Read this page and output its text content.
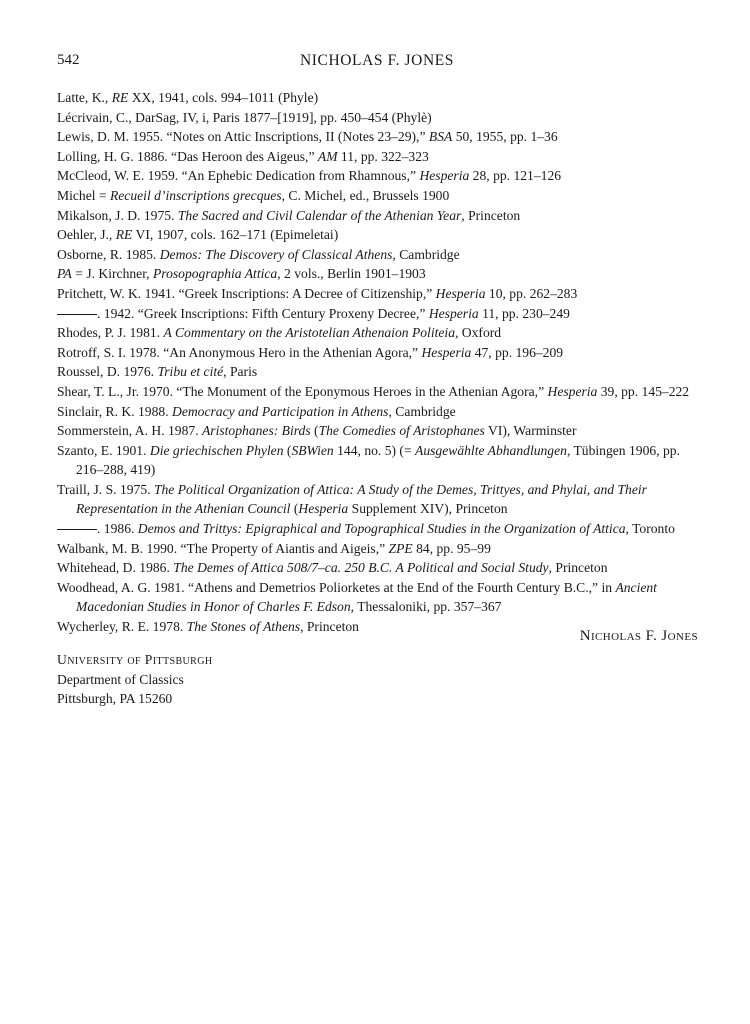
542	NICHOLAS F. JONES
Latte, K., RE XX, 1941, cols. 994–1011 (Phyle)
Lécrivain, C., DarSag, IV, i, Paris 1877–[1919], pp. 450–454 (Phylè)
Lewis, D. M. 1955. “Notes on Attic Inscriptions, II (Notes 23–29),” BSA 50, 1955, pp. 1–36
Lolling, H. G. 1886. “Das Heroon des Aigeus,” AM 11, pp. 322–323
McCleod, W. E. 1959. “An Ephebic Dedication from Rhamnous,” Hesperia 28, pp. 121–126
Michel = Recueil d’inscriptions grecques, C. Michel, ed., Brussels 1900
Mikalson, J. D. 1975. The Sacred and Civil Calendar of the Athenian Year, Princeton
Oehler, J., RE VI, 1907, cols. 162–171 (Epimeletai)
Osborne, R. 1985. Demos: The Discovery of Classical Athens, Cambridge
PA = J. Kirchner, Prosopographia Attica, 2 vols., Berlin 1901–1903
Pritchett, W. K. 1941. “Greek Inscriptions: A Decree of Citizenship,” Hesperia 10, pp. 262–283
. 1942. “Greek Inscriptions: Fifth Century Proxeny Decree,” Hesperia 11, pp. 230–249
Rhodes, P. J. 1981. A Commentary on the Aristotelian Athenaion Politeia, Oxford
Rotroff, S. I. 1978. “An Anonymous Hero in the Athenian Agora,” Hesperia 47, pp. 196–209
Roussel, D. 1976. Tribu et cité, Paris
Shear, T. L., Jr. 1970. “The Monument of the Eponymous Heroes in the Athenian Agora,” Hesperia 39, pp. 145–222
Sinclair, R. K. 1988. Democracy and Participation in Athens, Cambridge
Sommerstein, A. H. 1987. Aristophanes: Birds (The Comedies of Aristophanes VI), Warminster
Szanto, E. 1901. Die griechischen Phylen (SBWien 144, no. 5) (= Ausgewählte Abhandlungen, Tübingen 1906, pp. 216–288, 419)
Traill, J. S. 1975. The Political Organization of Attica: A Study of the Demes, Trittyes, and Phylai, and Their Representation in the Athenian Council (Hesperia Supplement XIV), Princeton
. 1986. Demos and Trittys: Epigraphical and Topographical Studies in the Organization of Attica, Toronto
Walbank, M. B. 1990. “The Property of Aiantis and Aigeis,” ZPE 84, pp. 95–99
Whitehead, D. 1986. The Demes of Attica 508/7–ca. 250 B.C. A Political and Social Study, Princeton
Woodhead, A. G. 1981. “Athens and Demetrios Poliorketes at the End of the Fourth Century B.C.,” in Ancient Macedonian Studies in Honor of Charles F. Edson, Thessaloniki, pp. 357–367
Wycherley, R. E. 1978. The Stones of Athens, Princeton
Nicholas F. Jones
University of Pittsburgh
Department of Classics
Pittsburgh, PA 15260
